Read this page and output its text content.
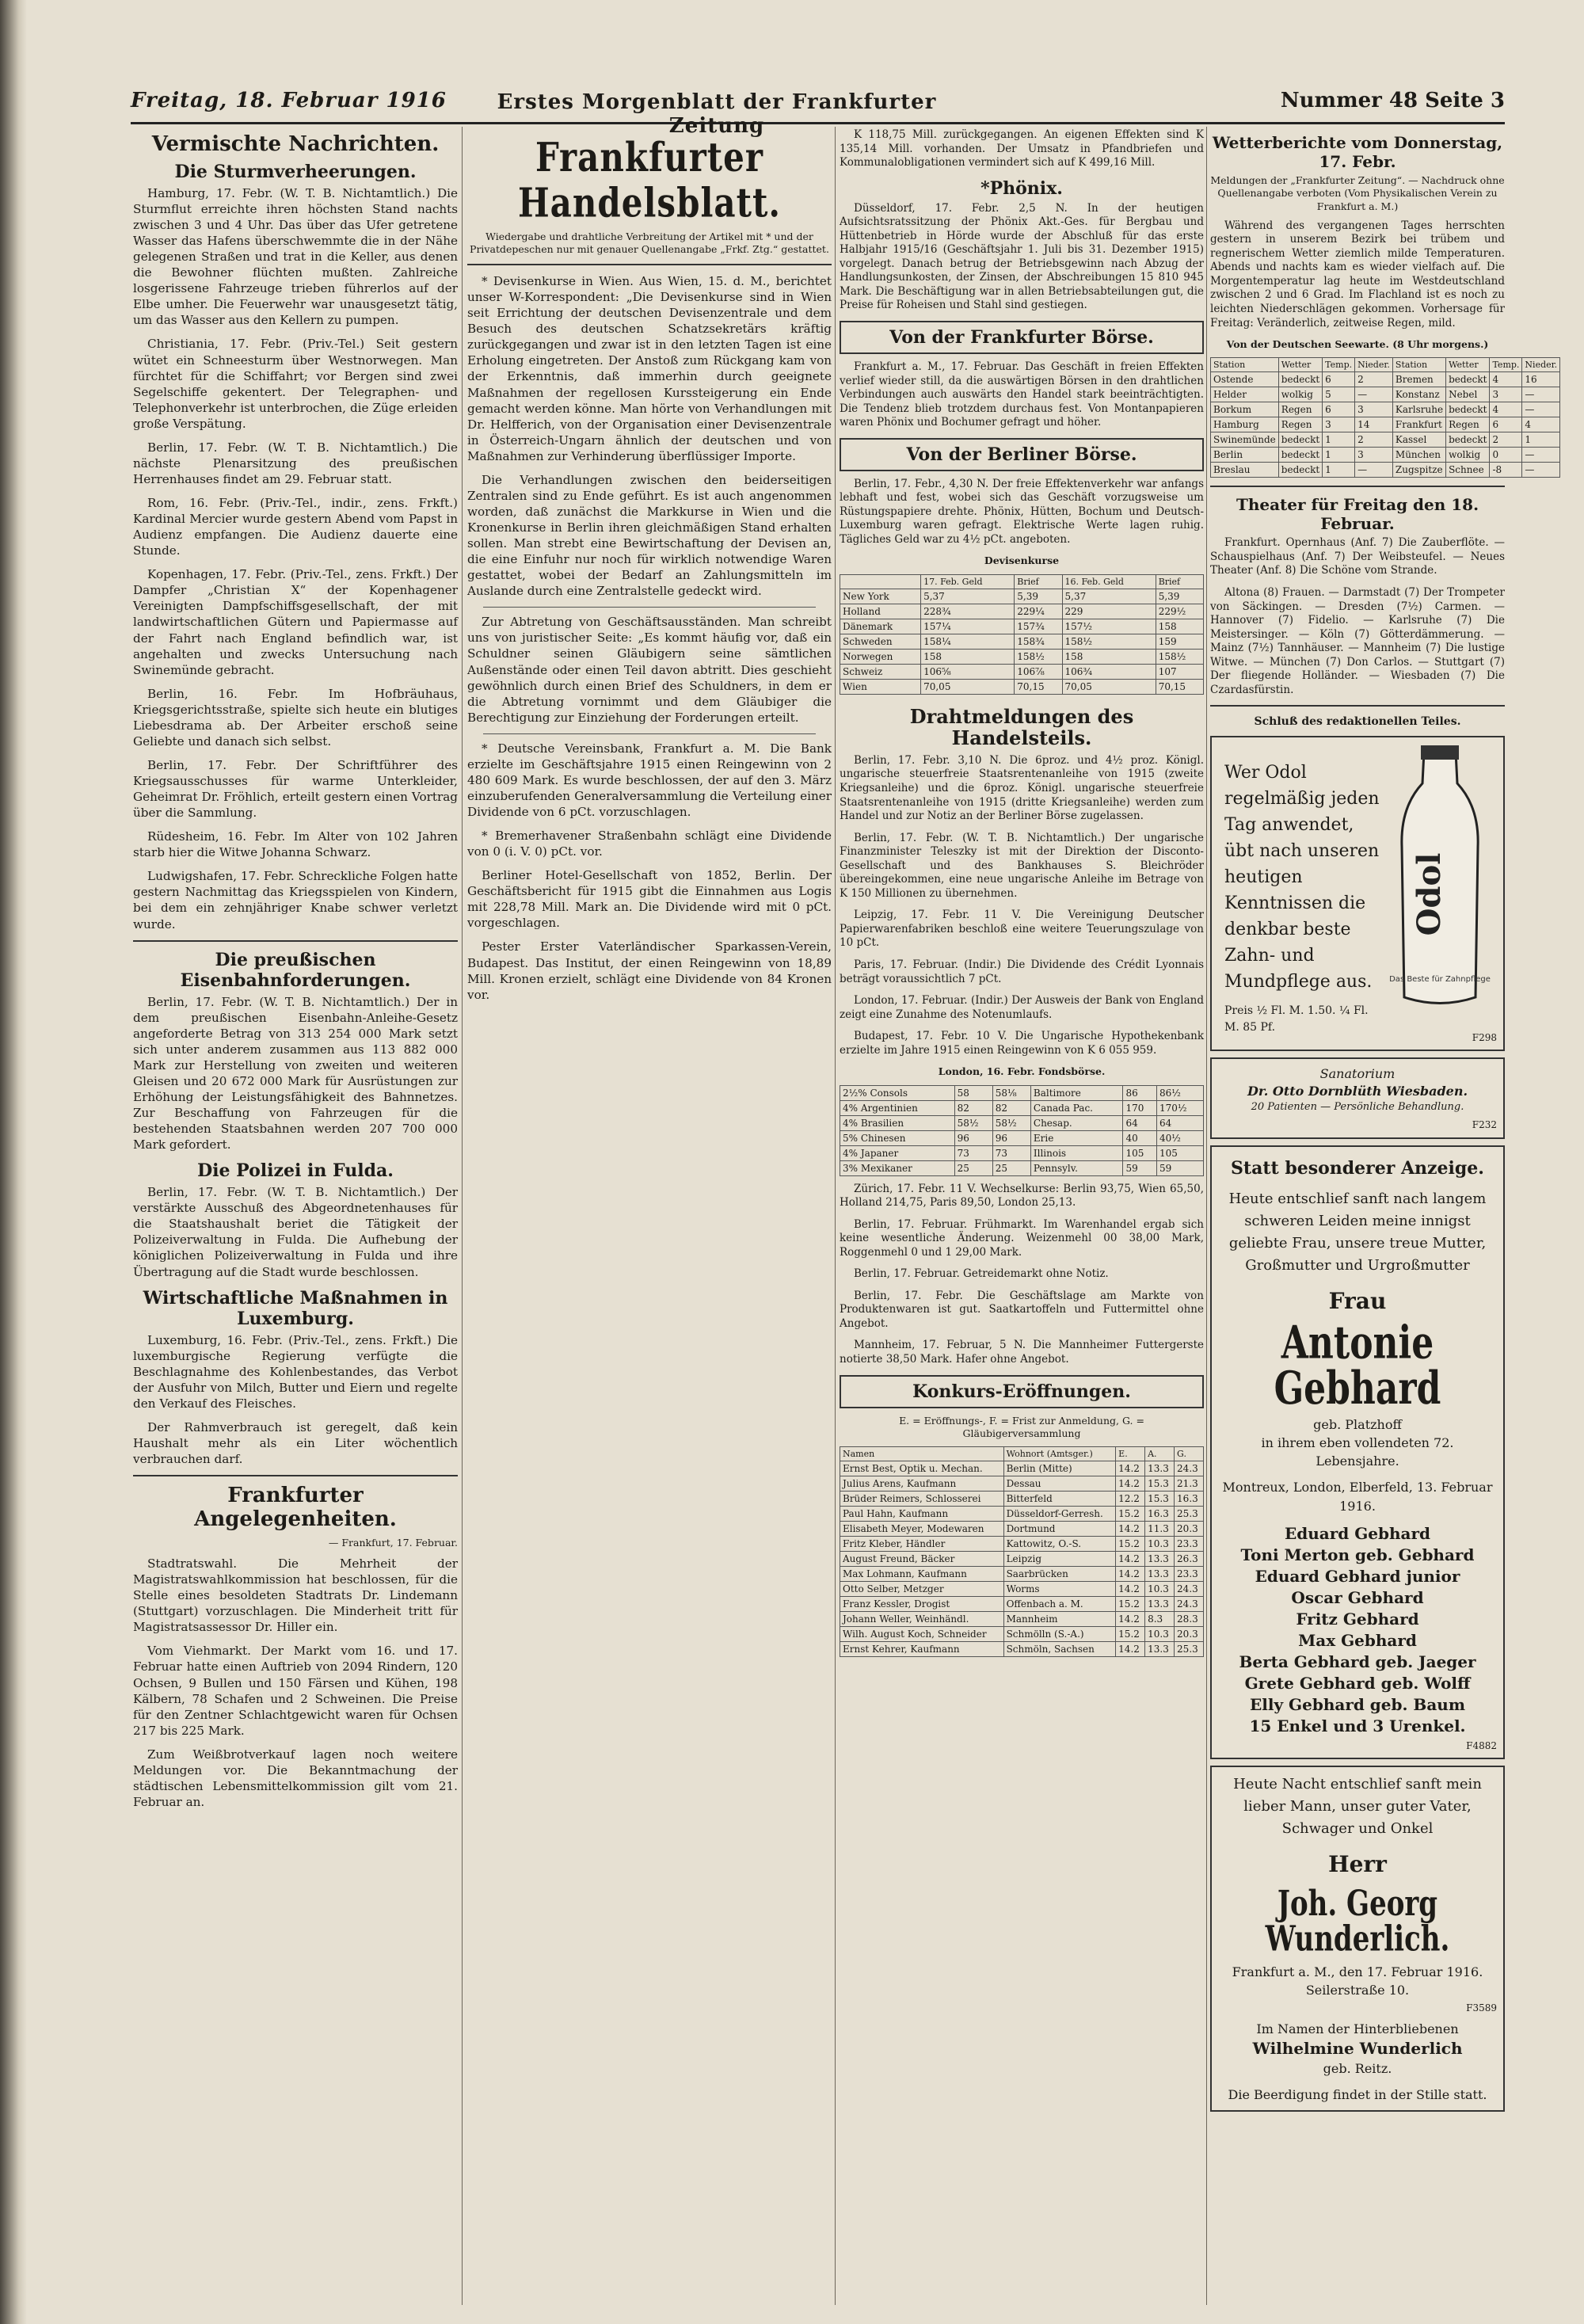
Freitag, 18. Februar 1916	Erstes Morgenblatt der Frankfurter Zeitung
Nummer 48 Seite 3
Vermischte Nachrichten.
Die Sturmverheerungen.

Hamburg, 17. Febr. (W. T. B. Nichtamtlich.) Die Sturmflut erreichte ihren höchsten Stand nachts zwischen 3 und 4 Uhr. Das über das Ufer getretene Wasser das Hafens überschwemmte die in der Nähe gelegenen Straßen und trat in die Keller, aus denen die Bewohner flüchten mußten. Zahlreiche losgerissene Fahrzeuge trieben führerlos auf der Elbe umher. Die Feuerwehr war unausgesetzt tätig, um das Wasser aus den Kellern zu pumpen.

Christiania, 17. Febr. (Priv.-Tel.) Seit gestern wütet ein Schneesturm über Westnorwegen. Man fürchtet für die Schiffahrt; vor Bergen sind zwei Segelschiffe gekentert. Der Telegraphen- und Telephonverkehr ist unterbrochen, die Züge erleiden große Verspätung.

Berlin, 17. Febr. (W. T. B. Nichtamtlich.) Die nächste Plenarsitzung des preußischen Herrenhauses findet am 29. Februar statt.

Rom, 16. Febr. (Priv.-Tel., indir., zens. Frkft.) Kardinal Mercier wurde gestern Abend vom Papst in Audienz empfangen. Die Audienz dauerte eine Stunde.

Kopenhagen, 17. Febr. (Priv.-Tel., zens. Frkft.) Der Dampfer „Christian X“ der Kopenhagener Vereinigten Dampfschiffsgesellschaft, der mit landwirtschaftlichen Gütern und Papiermasse auf der Fahrt nach England befindlich war, ist angehalten und zwecks Untersuchung nach Swinemünde gebracht.

Berlin, 16. Febr. Im Hofbräuhaus, Kriegsgerichtsstraße, spielte sich heute ein blutiges Liebesdrama ab. Der Arbeiter erschoß seine Geliebte und danach sich selbst.

Berlin, 17. Febr. Der Schriftführer des Kriegsausschusses für warme Unterkleider, Geheimrat Dr. Fröhlich, erteilt gestern einen Vortrag über die Sammlung.

Rüdesheim, 16. Febr. Im Alter von 102 Jahren starb hier die Witwe Johanna Schwarz.

Ludwigshafen, 17. Febr. Schreckliche Folgen hatte gestern Nachmittag das Kriegsspielen von Kindern, bei dem ein zehnjähriger Knabe schwer verletzt wurde.

Die preußischen Eisenbahnforderungen.

Berlin, 17. Febr. (W. T. B. Nichtamtlich.) Der in dem preußischen Eisenbahn-Anleihe-Gesetz angeforderte Betrag von 313 254 000 Mark setzt sich unter anderem zusammen aus 113 882 000 Mark zur Herstellung von zweiten und weiteren Gleisen und 20 672 000 Mark für Ausrüstungen zur Erhöhung der Leistungsfähigkeit des Bahnnetzes. Zur Beschaffung von Fahrzeugen für die bestehenden Staatsbahnen werden 207 700 000 Mark gefordert.

Die Polizei in Fulda.

Berlin, 17. Febr. (W. T. B. Nichtamtlich.) Der verstärkte Ausschuß des Abgeordnetenhauses für die Staatshaushalt beriet die Tätigkeit der Polizeiverwaltung in Fulda. Die Aufhebung der königlichen Polizeiverwaltung in Fulda und ihre Übertragung auf die Stadt wurde beschlossen.

Wirtschaftliche Maßnahmen in Luxemburg.

Luxemburg, 16. Febr. (Priv.-Tel., zens. Frkft.) Die luxemburgische Regierung verfügte die Beschlagnahme des Kohlenbestandes, das Verbot der Ausfuhr von Milch, Butter und Eiern und regelte den Verkauf des Fleisches.

Der Rahmverbrauch ist geregelt, daß kein Haushalt mehr als ein Liter wöchentlich verbrauchen darf.

Frankfurter Angelegenheiten.
— Frankfurt, 17. Februar.

Stadtratswahl. Die Mehrheit der Magistratswahlkommission hat beschlossen, für die Stelle eines besoldeten Stadtrats Dr. Lindemann (Stuttgart) vorzuschlagen. Die Minderheit tritt für Magistratsassessor Dr. Hiller ein.

Vom Viehmarkt. Der Markt vom 16. und 17. Februar hatte einen Auftrieb von 2094 Rindern, 120 Ochsen, 9 Bullen und 150 Färsen und Kühen, 198 Kälbern, 78 Schafen und 2 Schweinen. Die Preise für den Zentner Schlachtgewicht waren für Ochsen 217 bis 225 Mark.

Zum Weißbrotverkauf lagen noch weitere Meldungen vor. Die Bekanntmachung der städtischen Lebensmittelkommission gilt vom 21. Februar an.

Frankfurter Handelsblatt.
Wiedergabe und drahtliche Verbreitung der Artikel mit * und der Privatdepeschen nur mit genauer Quellenangabe „Frkf. Ztg.“ gestattet.

* Devisenkurse in Wien. Aus Wien, 15. d. M., berichtet unser W-Korrespondent: „Die Devisenkurse sind in Wien seit Errichtung der deutschen Devisenzentrale und dem Besuch des deutschen Schatzsekretärs kräftig zurückgegangen und zwar ist in den letzten Tagen ist eine Erholung eingetreten. Der Anstoß zum Rückgang kam von der Erkenntnis, daß immerhin durch geeignete Maßnahmen der regellosen Kurssteigerung ein Ende gemacht werden könne. Man hörte von Verhandlungen mit Dr. Helfferich, von der Organisation einer Devisenzentrale in Österreich-Ungarn ähnlich der deutschen und von Maßnahmen zur Verhinderung überflüssiger Importe.

Die Verhandlungen zwischen den beiderseitigen Zentralen sind zu Ende geführt. Es ist auch angenommen worden, daß zunächst die Markkurse in Wien und die Kronenkurse in Berlin ihren gleichmäßigen Stand erhalten sollen. Man strebt eine Bewirtschaftung der Devisen an, die eine Einfuhr nur noch für wirklich notwendige Waren gestattet, wobei der Bedarf an Zahlungsmitteln im Auslande durch eine Zentralstelle gedeckt wird.

Zur Abtretung von Geschäftsausständen. Man schreibt uns von juristischer Seite: „Es kommt häufig vor, daß ein Schuldner seinen Gläubigern seine sämtlichen Außenstände oder einen Teil davon abtritt. Dies geschieht gewöhnlich durch einen Brief des Schuldners, in dem er die Abtretung vornimmt und dem Gläubiger die Berechtigung zur Einziehung der Forderungen erteilt.

* Deutsche Vereinsbank, Frankfurt a. M. Die Bank erzielte im Geschäftsjahre 1915 einen Reingewinn von 2 480 609 Mark. Es wurde beschlossen, der auf den 3. März einzuberufenden Generalversammlung die Verteilung einer Dividende von 6 pCt. vorzuschlagen.

* Bremerhavener Straßenbahn schlägt eine Dividende von 0 (i. V. 0) pCt. vor.

Berliner Hotel-Gesellschaft von 1852, Berlin. Der Geschäftsbericht für 1915 gibt die Einnahmen aus Logis mit 228,78 Mill. Mark an. Die Dividende wird mit 0 pCt. vorgeschlagen.

Pester Erster Vaterländischer Sparkassen-Verein, Budapest. Das Institut, der einen Reingewinn von 18,89 Mill. Kronen erzielt, schlägt eine Dividende von 84 Kronen vor.

K 118,75 Mill. zurückgegangen. An eigenen Effekten sind K 135,14 Mill. vorhanden. Der Umsatz in Pfandbriefen und Kommunalobligationen vermindert sich auf K 499,16 Mill.

*Phönix.

Düsseldorf, 17. Febr. 2,5 N. In der heutigen Aufsichtsratssitzung der Phönix Akt.-Ges. für Bergbau und Hüttenbetrieb in Hörde wurde der Abschluß für das erste Halbjahr 1915/16 (Geschäftsjahr 1. Juli bis 31. Dezember 1915) vorgelegt. Danach betrug der Betriebsgewinn nach Abzug der Handlungsunkosten, der Zinsen, der Abschreibungen 15 810 945 Mark. Die Beschäftigung war in allen Betriebsabteilungen gut, die Preise für Roheisen und Stahl sind gestiegen.

Von der Frankfurter Börse.

Frankfurt a. M., 17. Februar. Das Geschäft in freien Effekten verlief wieder still, da die auswärtigen Börsen in den drahtlichen Verbindungen auch auswärts den Handel stark beeinträchtigten. Die Tendenz blieb trotzdem durchaus fest. Von Montanpapieren waren Phönix und Bochumer gefragt und höher.

Von der Berliner Börse.

Berlin, 17. Febr., 4,30 N. Der freie Effektenverkehr war anfangs lebhaft und fest, wobei sich das Geschäft vorzugsweise um Rüstungspapiere drehte. Phönix, Hütten, Bochum und Deutsch-Luxemburg waren gefragt. Elektrische Werte lagen ruhig. Tägliches Geld war zu 4½ pCt. angeboten.

Devisenkurse
	17. Feb. Geld	Brief	16. Feb. Geld	Brief
New York	5,37	5,39	5,37	5,39
Holland	228¾	229¼	229	229½
Dänemark	157¼	157¾	157½	158
Schweden	158¼	158¾	158½	159
Norwegen	158	158½	158	158½
Schweiz	106⅝	106⅞	106¾	107
Wien	70,05	70,15	70,05	70,15
Drahtmeldungen des Handelsteils.

Berlin, 17. Febr. 3,10 N. Die 6proz. und 4½ proz. Königl. ungarische steuerfreie Staatsrentenanleihe von 1915 (zweite Kriegsanleihe) und die 6proz. Königl. ungarische steuerfreie Staatsrentenanleihe von 1915 (dritte Kriegsanleihe) werden zum Handel und zur Notiz an der Berliner Börse zugelassen.

Berlin, 17. Febr. (W. T. B. Nichtamtlich.) Der ungarische Finanzminister Teleszky ist mit der Direktion der Disconto-Gesellschaft und des Bankhauses S. Bleichröder übereingekommen, eine neue ungarische Anleihe im Betrage von K 150 Millionen zu übernehmen.

Leipzig, 17. Febr. 11 V. Die Vereinigung Deutscher Papierwarenfabriken beschloß eine weitere Teuerungszulage von 10 pCt.

Paris, 17. Februar. (Indir.) Die Dividende des Crédit Lyonnais beträgt voraussichtlich 7 pCt.

London, 17. Februar. (Indir.) Der Ausweis der Bank von England zeigt eine Zunahme des Notenumlaufs.

Budapest, 17. Febr. 10 V. Die Ungarische Hypothekenbank erzielte im Jahre 1915 einen Reingewinn von K 6 055 959.

London, 16. Febr. Fondsbörse.
2½% Consols	58	58⅛	Baltimore	86	86½
4% Argentinien	82	82	Canada Pac.	170	170½
4% Brasilien	58½	58½	Chesap.	64	64
5% Chinesen	96	96	Erie	40	40½
4% Japaner	73	73	Illinois	105	105
3% Mexikaner	25	25	Pennsylv.	59	59

Zürich, 17. Febr. 11 V. Wechselkurse: Berlin 93,75, Wien 65,50, Holland 214,75, Paris 89,50, London 25,13.

Berlin, 17. Februar. Frühmarkt. Im Warenhandel ergab sich keine wesentliche Änderung. Weizenmehl 00 38,00 Mark, Roggenmehl 0 und 1 29,00 Mark.

Berlin, 17. Februar. Getreidemarkt ohne Notiz.

Berlin, 17. Febr. Die Geschäftslage am Markte von Produktenwaren ist gut. Saatkartoffeln und Futtermittel ohne Angebot.

Mannheim, 17. Februar, 5 N. Die Mannheimer Futtergerste notierte 38,50 Mark. Hafer ohne Angebot.

Konkurs-Eröffnungen.
E. = Eröffnungs-, F. = Frist zur Anmeldung, G. = Gläubigerversammlung
Namen	Wohnort (Amtsger.)	E.	A.	G.
Ernst Best, Optik u. Mechan.	Berlin (Mitte)	14.2	13.3	24.3
Julius Arens, Kaufmann	Dessau	14.2	15.3	21.3
Brüder Reimers, Schlosserei	Bitterfeld	12.2	15.3	16.3
Paul Hahn, Kaufmann	Düsseldorf-Gerresh.	15.2	16.3	25.3
Elisabeth Meyer, Modewaren	Dortmund	14.2	11.3	20.3
Fritz Kleber, Händler	Kattowitz, O.-S.	15.2	10.3	23.3
August Freund, Bäcker	Leipzig	14.2	13.3	26.3
Max Lohmann, Kaufmann	Saarbrücken	14.2	13.3	23.3
Otto Selber, Metzger	Worms	14.2	10.3	24.3
Franz Kessler, Drogist	Offenbach a. M.	15.2	13.3	24.3
Johann Weller, Weinhändl.	Mannheim	14.2	8.3	28.3
Wilh. August Koch, Schneider	Schmölln (S.-A.)	15.2	10.3	20.3
Ernst Kehrer, Kaufmann	Schmöln, Sachsen	14.2	13.3	25.3
Wetterberichte vom Donnerstag, 17. Febr.
Meldungen der „Frankfurter Zeitung“. — Nachdruck ohne Quellenangabe verboten (Vom Physikalischen Verein zu Frankfurt a. M.)

Während des vergangenen Tages herrschten gestern in unserem Bezirk bei trübem und regnerischem Wetter ziemlich milde Temperaturen. Abends und nachts kam es wieder vielfach auf. Die Morgentemperatur lag heute im Westdeutschland zwischen 2 und 6 Grad. Im Flachland ist es noch zu leichten Niederschlägen gekommen. Vorhersage für Freitag: Veränderlich, zeitweise Regen, mild.

Von der Deutschen Seewarte. (8 Uhr morgens.)
Station	Wetter	Temp.	Nieder.	Station	Wetter	Temp.	Nieder.
Ostende	bedeckt	6	2	Bremen	bedeckt	4	16
Helder	wolkig	5	—	Konstanz	Nebel	3	—
Borkum	Regen	6	3	Karlsruhe	bedeckt	4	—
Hamburg	Regen	3	14	Frankfurt	Regen	6	4
Swinemünde	bedeckt	1	2	Kassel	bedeckt	2	1
Berlin	bedeckt	1	3	München	wolkig	0	—
Breslau	bedeckt	1	—	Zugspitze	Schnee	-8	—
Theater für Freitag den 18. Februar.

Frankfurt. Opernhaus (Anf. 7) Die Zauberflöte. — Schauspielhaus (Anf. 7) Der Weibsteufel. — Neues Theater (Anf. 8) Die Schöne vom Strande.

Altona (8) Frauen. — Darmstadt (7) Der Trompeter von Säckingen. — Dresden (7½) Carmen. — Hannover (7) Fidelio. — Karlsruhe (7) Die Meistersinger. — Köln (7) Götterdämmerung. — Mainz (7½) Tannhäuser. — Mannheim (7) Die lustige Witwe. — München (7) Don Carlos. — Stuttgart (7) Der fliegende Holländer. — Wiesbaden (7) Die Czardasfürstin.

Schluß des redaktionellen Teiles.
Wer Odol regelmäßig jeden Tag anwendet, übt nach unseren heutigen Kenntnissen die denkbar beste Zahn- und Mundpflege aus.
Preis ½ Fl. M. 1.50. ¼ Fl. M. 85 Pf.
Odol
Das Beste für Zahnpflege
F298
Sanatorium
Dr. Otto Dornblüth Wiesbaden.
20 Patienten — Persönliche Behandlung.
F232
Statt besonderer Anzeige.
Heute entschlief sanft nach langem schweren Leiden meine innigst geliebte Frau, unsere treue Mutter, Großmutter und Urgroßmutter
Frau
Antonie Gebhard
geb. Platzhoff
in ihrem eben vollendeten 72. Lebensjahre.
Montreux, London, Elberfeld, 13. Februar 1916.
Eduard Gebhard
Toni Merton geb. Gebhard
Eduard Gebhard junior
Oscar Gebhard
Fritz Gebhard
Max Gebhard
Berta Gebhard geb. Jaeger
Grete Gebhard geb. Wolff
Elly Gebhard geb. Baum
15 Enkel und 3 Urenkel.
F4882
Heute Nacht entschlief sanft mein lieber Mann, unser guter Vater, Schwager und Onkel
Herr
Joh. Georg Wunderlich.
Frankfurt a. M., den 17. Februar 1916. Seilerstraße 10.
F3589
Im Namen der Hinterbliebenen
Wilhelmine Wunderlich
geb. Reitz.
Die Beerdigung findet in der Stille statt.
